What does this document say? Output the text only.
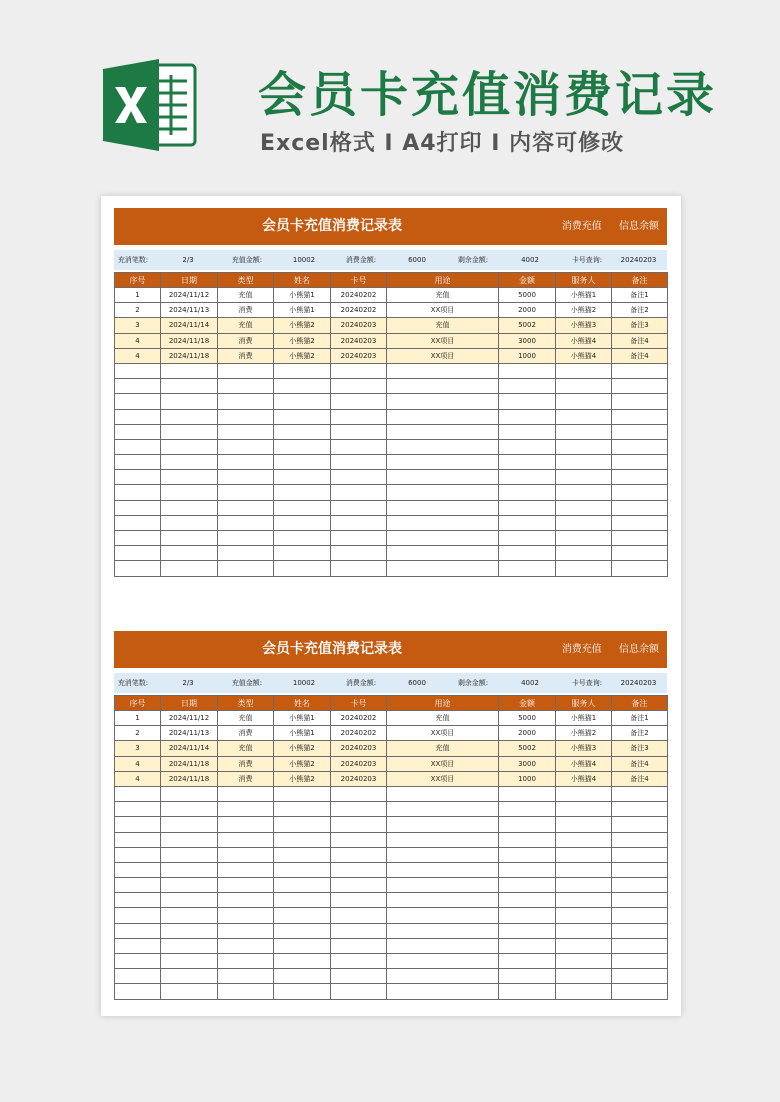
会员卡充值消费记录
Excel格式 I A4打印 I 内容可修改
会员卡充值消费记录表	消费充值 信息余额
充消笔数:	2/3	充值金额:	10002	消费金额:	6000	剩余金额:	4002	卡号查询:	20240203
序号	日期	类型	姓名	卡号	用途	金额	服务人	备注
1	2024/11/12	充值	小熊猫1	20240202	充值	5000	小熊猫1	备注1
2	2024/11/13	消费	小熊猫1	20240202	XX项目	2000	小熊猫2	备注2
3	2024/11/14	充值	小熊猫2	20240203	充值	5002	小熊猫3	备注3
4	2024/11/18	消费	小熊猫2	20240203	XX项目	3000	小熊猫4	备注4
4	2024/11/18	消费	小熊猫2	20240203	XX项目	1000	小熊猫4	备注4

会员卡充值消费记录表	消费充值 信息余额
充消笔数:	2/3	充值金额:	10002	消费金额:	6000	剩余金额:	4002	卡号查询:	20240203
序号	日期	类型	姓名	卡号	用途	金额	服务人	备注
1	2024/11/12	充值	小熊猫1	20240202	充值	5000	小熊猫1	备注1
2	2024/11/13	消费	小熊猫1	20240202	XX项目	2000	小熊猫2	备注2
3	2024/11/14	充值	小熊猫2	20240203	充值	5002	小熊猫3	备注3
4	2024/11/18	消费	小熊猫2	20240203	XX项目	3000	小熊猫4	备注4
4	2024/11/18	消费	小熊猫2	20240203	XX项目	1000	小熊猫4	备注4
